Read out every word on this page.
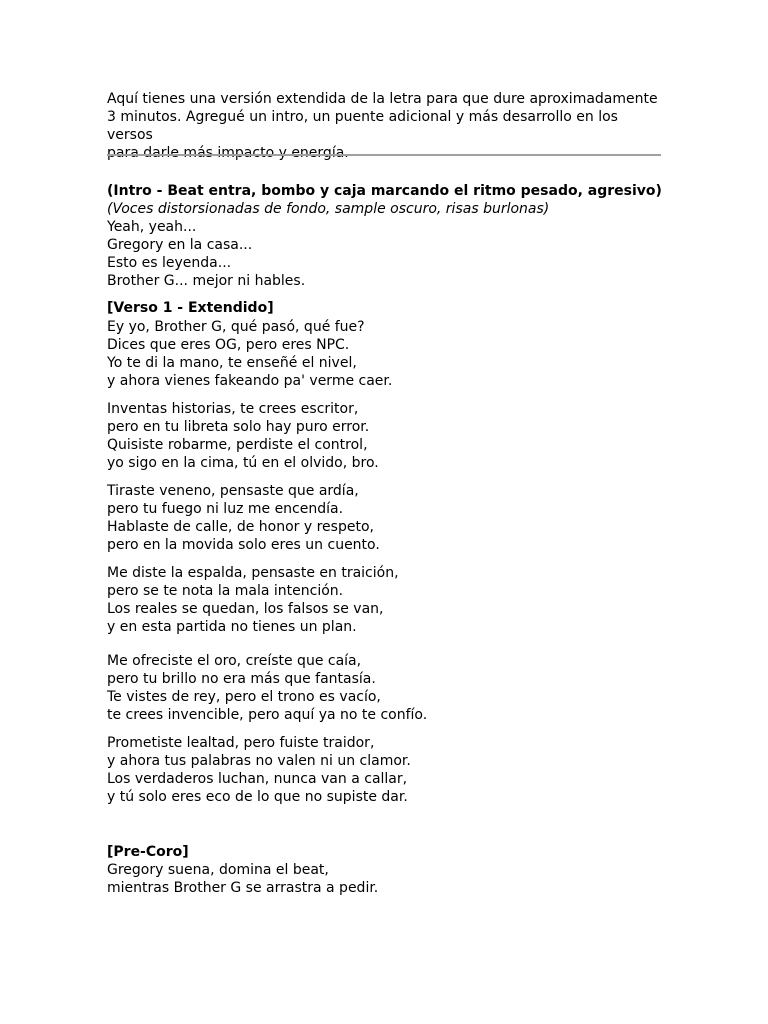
Aquí tienes una versión extendida de la letra para que dure aproximadamente
3 minutos. Agregué un intro, un puente adicional y más desarrollo en los versos
para darle más impacto y energía.
(Intro - Beat entra, bombo y caja marcando el ritmo pesado, agresivo)
(Voces distorsionadas de fondo, sample oscuro, risas burlonas)
Yeah, yeah...
Gregory en la casa...
Esto es leyenda...
Brother G... mejor ni hables.
[Verso 1 - Extendido]
Ey yo, Brother G, qué pasó, qué fue?
Dices que eres OG, pero eres NPC.
Yo te di la mano, te enseñé el nivel,
y ahora vienes fakeando pa' verme caer.
Inventas historias, te crees escritor,
pero en tu libreta solo hay puro error.
Quisiste robarme, perdiste el control,
yo sigo en la cima, tú en el olvido, bro.
Tiraste veneno, pensaste que ardía,
pero tu fuego ni luz me encendía.
Hablaste de calle, de honor y respeto,
pero en la movida solo eres un cuento.
Me diste la espalda, pensaste en traición,
pero se te nota la mala intención.
Los reales se quedan, los falsos se van,
y en esta partida no tienes un plan.
Me ofreciste el oro, creíste que caía,
pero tu brillo no era más que fantasía.
Te vistes de rey, pero el trono es vacío,
te crees invencible, pero aquí ya no te confío.
Prometiste lealtad, pero fuiste traidor,
y ahora tus palabras no valen ni un clamor.
Los verdaderos luchan, nunca van a callar,
y tú solo eres eco de lo que no supiste dar.
[Pre-Coro]
Gregory suena, domina el beat,
mientras Brother G se arrastra a pedir.
